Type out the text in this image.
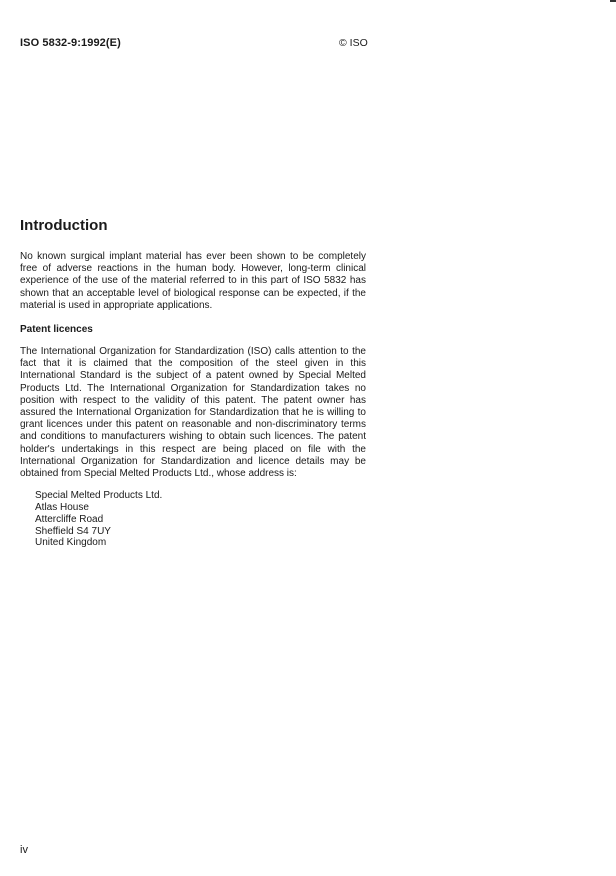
ISO 5832-9:1992(E)	© ISO
Introduction

No known surgical implant material has ever been shown to be completely free of adverse reactions in the human body. However, long-term clinical experience of the use of the material referred to in this part of ISO 5832 has shown that an acceptable level of biological response can be expected, if the material is used in appropriate applications.

Patent licences

The International Organization for Standardization (ISO) calls attention to the fact that it is claimed that the composition of the steel given in this International Standard is the subject of a patent owned by Special Melted Products Ltd. The International Organization for Standardization takes no position with respect to the validity of this patent. The patent owner has assured the International Organization for Standardization that he is willing to grant licences under this patent on reasonable and non-discriminatory terms and conditions to manufacturers wishing to obtain such licences. The patent holder's undertakings in this respect are being placed on file with the International Organization for Standardization and licence details may be obtained from Special Melted Products Ltd., whose address is:

Special Melted Products Ltd.
Atlas House
Attercliffe Road
Sheffield S4 7UY
United Kingdom
iv
